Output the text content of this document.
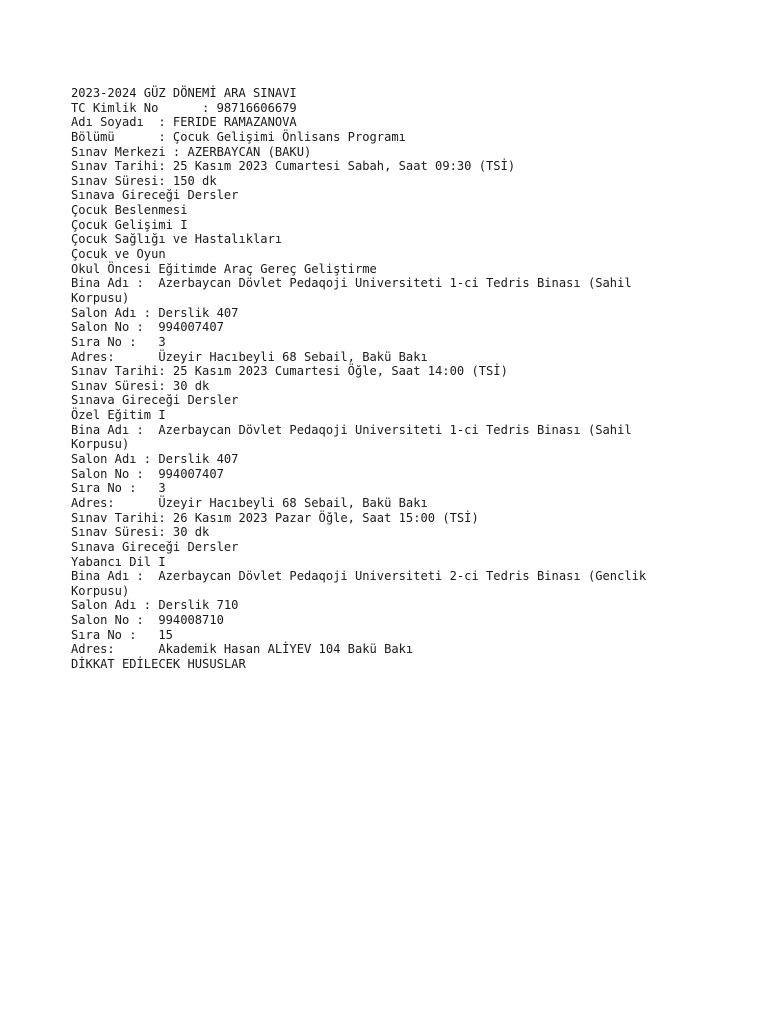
2023-2024 GÜZ DÖNEMİ ARA SINAVI
TC Kimlik No      : 98716606679
Adı Soyadı  : FERIDE RAMAZANOVA
Bölümü      : Çocuk Gelişimi Önlisans Programı
Sınav Merkezi : AZERBAYCAN (BAKU)
Sınav Tarihi: 25 Kasım 2023 Cumartesi Sabah, Saat 09:30 (TSİ)
Sınav Süresi: 150 dk
Sınava Gireceği Dersler
Çocuk Beslenmesi
Çocuk Gelişimi I
Çocuk Sağlığı ve Hastalıkları
Çocuk ve Oyun
Okul Öncesi Eğitimde Araç Gereç Geliştirme
Bina Adı :  Azerbaycan Dövlet Pedaqoji Universiteti 1-ci Tedris Binası (Sahil
Korpusu)
Salon Adı : Derslik 407
Salon No :  994007407
Sıra No :   3
Adres:      Üzeyir Hacıbeyli 68 Sebail, Bakü Bakı
Sınav Tarihi: 25 Kasım 2023 Cumartesi Öğle, Saat 14:00 (TSİ)
Sınav Süresi: 30 dk
Sınava Gireceği Dersler
Özel Eğitim I
Bina Adı :  Azerbaycan Dövlet Pedaqoji Universiteti 1-ci Tedris Binası (Sahil
Korpusu)
Salon Adı : Derslik 407
Salon No :  994007407
Sıra No :   3
Adres:      Üzeyir Hacıbeyli 68 Sebail, Bakü Bakı
Sınav Tarihi: 26 Kasım 2023 Pazar Öğle, Saat 15:00 (TSİ)
Sınav Süresi: 30 dk
Sınava Gireceği Dersler
Yabancı Dil I
Bina Adı :  Azerbaycan Dövlet Pedaqoji Universiteti 2-ci Tedris Binası (Genclik
Korpusu)
Salon Adı : Derslik 710
Salon No :  994008710
Sıra No :   15
Adres:      Akademik Hasan ALİYEV 104 Bakü Bakı
DİKKAT EDİLECEK HUSUSLAR
